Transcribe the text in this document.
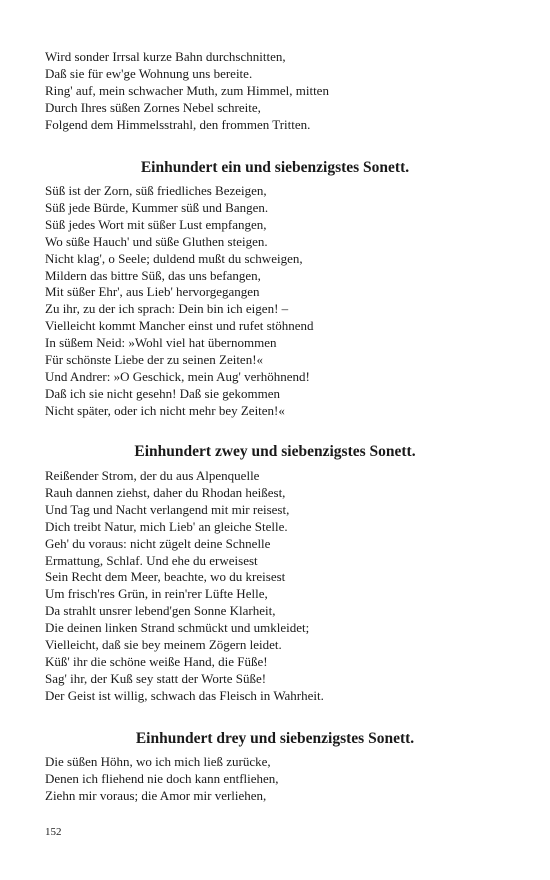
Wird sonder Irrsal kurze Bahn durchschnitten,
Daß sie für ew'ge Wohnung uns bereite.
Ring' auf, mein schwacher Muth, zum Himmel, mitten
Durch Ihres süßen Zornes Nebel schreite,
Folgend dem Himmelsstrahl, den frommen Tritten.
Einhundert ein und siebenzigstes Sonett.
Süß ist der Zorn, süß friedliches Bezeigen,
Süß jede Bürde, Kummer süß und Bangen.
Süß jedes Wort mit süßer Lust empfangen,
Wo süße Hauch' und süße Gluthen steigen.
Nicht klag', o Seele; duldend mußt du schweigen,
Mildern das bittre Süß, das uns befangen,
Mit süßer Ehr', aus Lieb' hervorgegangen
Zu ihr, zu der ich sprach: Dein bin ich eigen! –
Vielleicht kommt Mancher einst und rufet stöhnend
In süßem Neid: »Wohl viel hat übernommen
Für schönste Liebe der zu seinen Zeiten!«
Und Andrer: »O Geschick, mein Aug' verhöhnend!
Daß ich sie nicht gesehn! Daß sie gekommen
Nicht später, oder ich nicht mehr bey Zeiten!«
Einhundert zwey und siebenzigstes Sonett.
Reißender Strom, der du aus Alpenquelle
Rauh dannen ziehst, daher du Rhodan heißest,
Und Tag und Nacht verlangend mit mir reisest,
Dich treibt Natur, mich Lieb' an gleiche Stelle.
Geh' du voraus: nicht zügelt deine Schnelle
Ermattung, Schlaf. Und ehe du erweisest
Sein Recht dem Meer, beachte, wo du kreisest
Um frisch'res Grün, in rein'rer Lüfte Helle,
Da strahlt unsrer lebend'gen Sonne Klarheit,
Die deinen linken Strand schmückt und umkleidet;
Vielleicht, daß sie bey meinem Zögern leidet.
Küß' ihr die schöne weiße Hand, die Füße!
Sag' ihr, der Kuß sey statt der Worte Süße!
Der Geist ist willig, schwach das Fleisch in Wahrheit.
Einhundert drey und siebenzigstes Sonett.
Die süßen Höhn, wo ich mich ließ zurücke,
Denen ich fliehend nie doch kann entfliehen,
Ziehn mir voraus; die Amor mir verliehen,
152
